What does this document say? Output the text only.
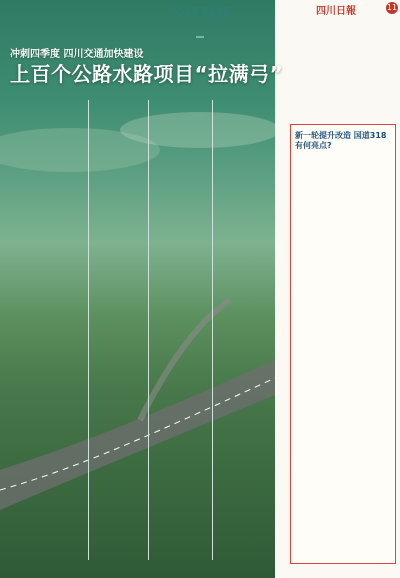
经济观察
冲刺四季度 四川交通加快建设
上百个公路水路项目“拉满弓”
四川日報	11
新一轮提升改造 国道318有何亮点?
